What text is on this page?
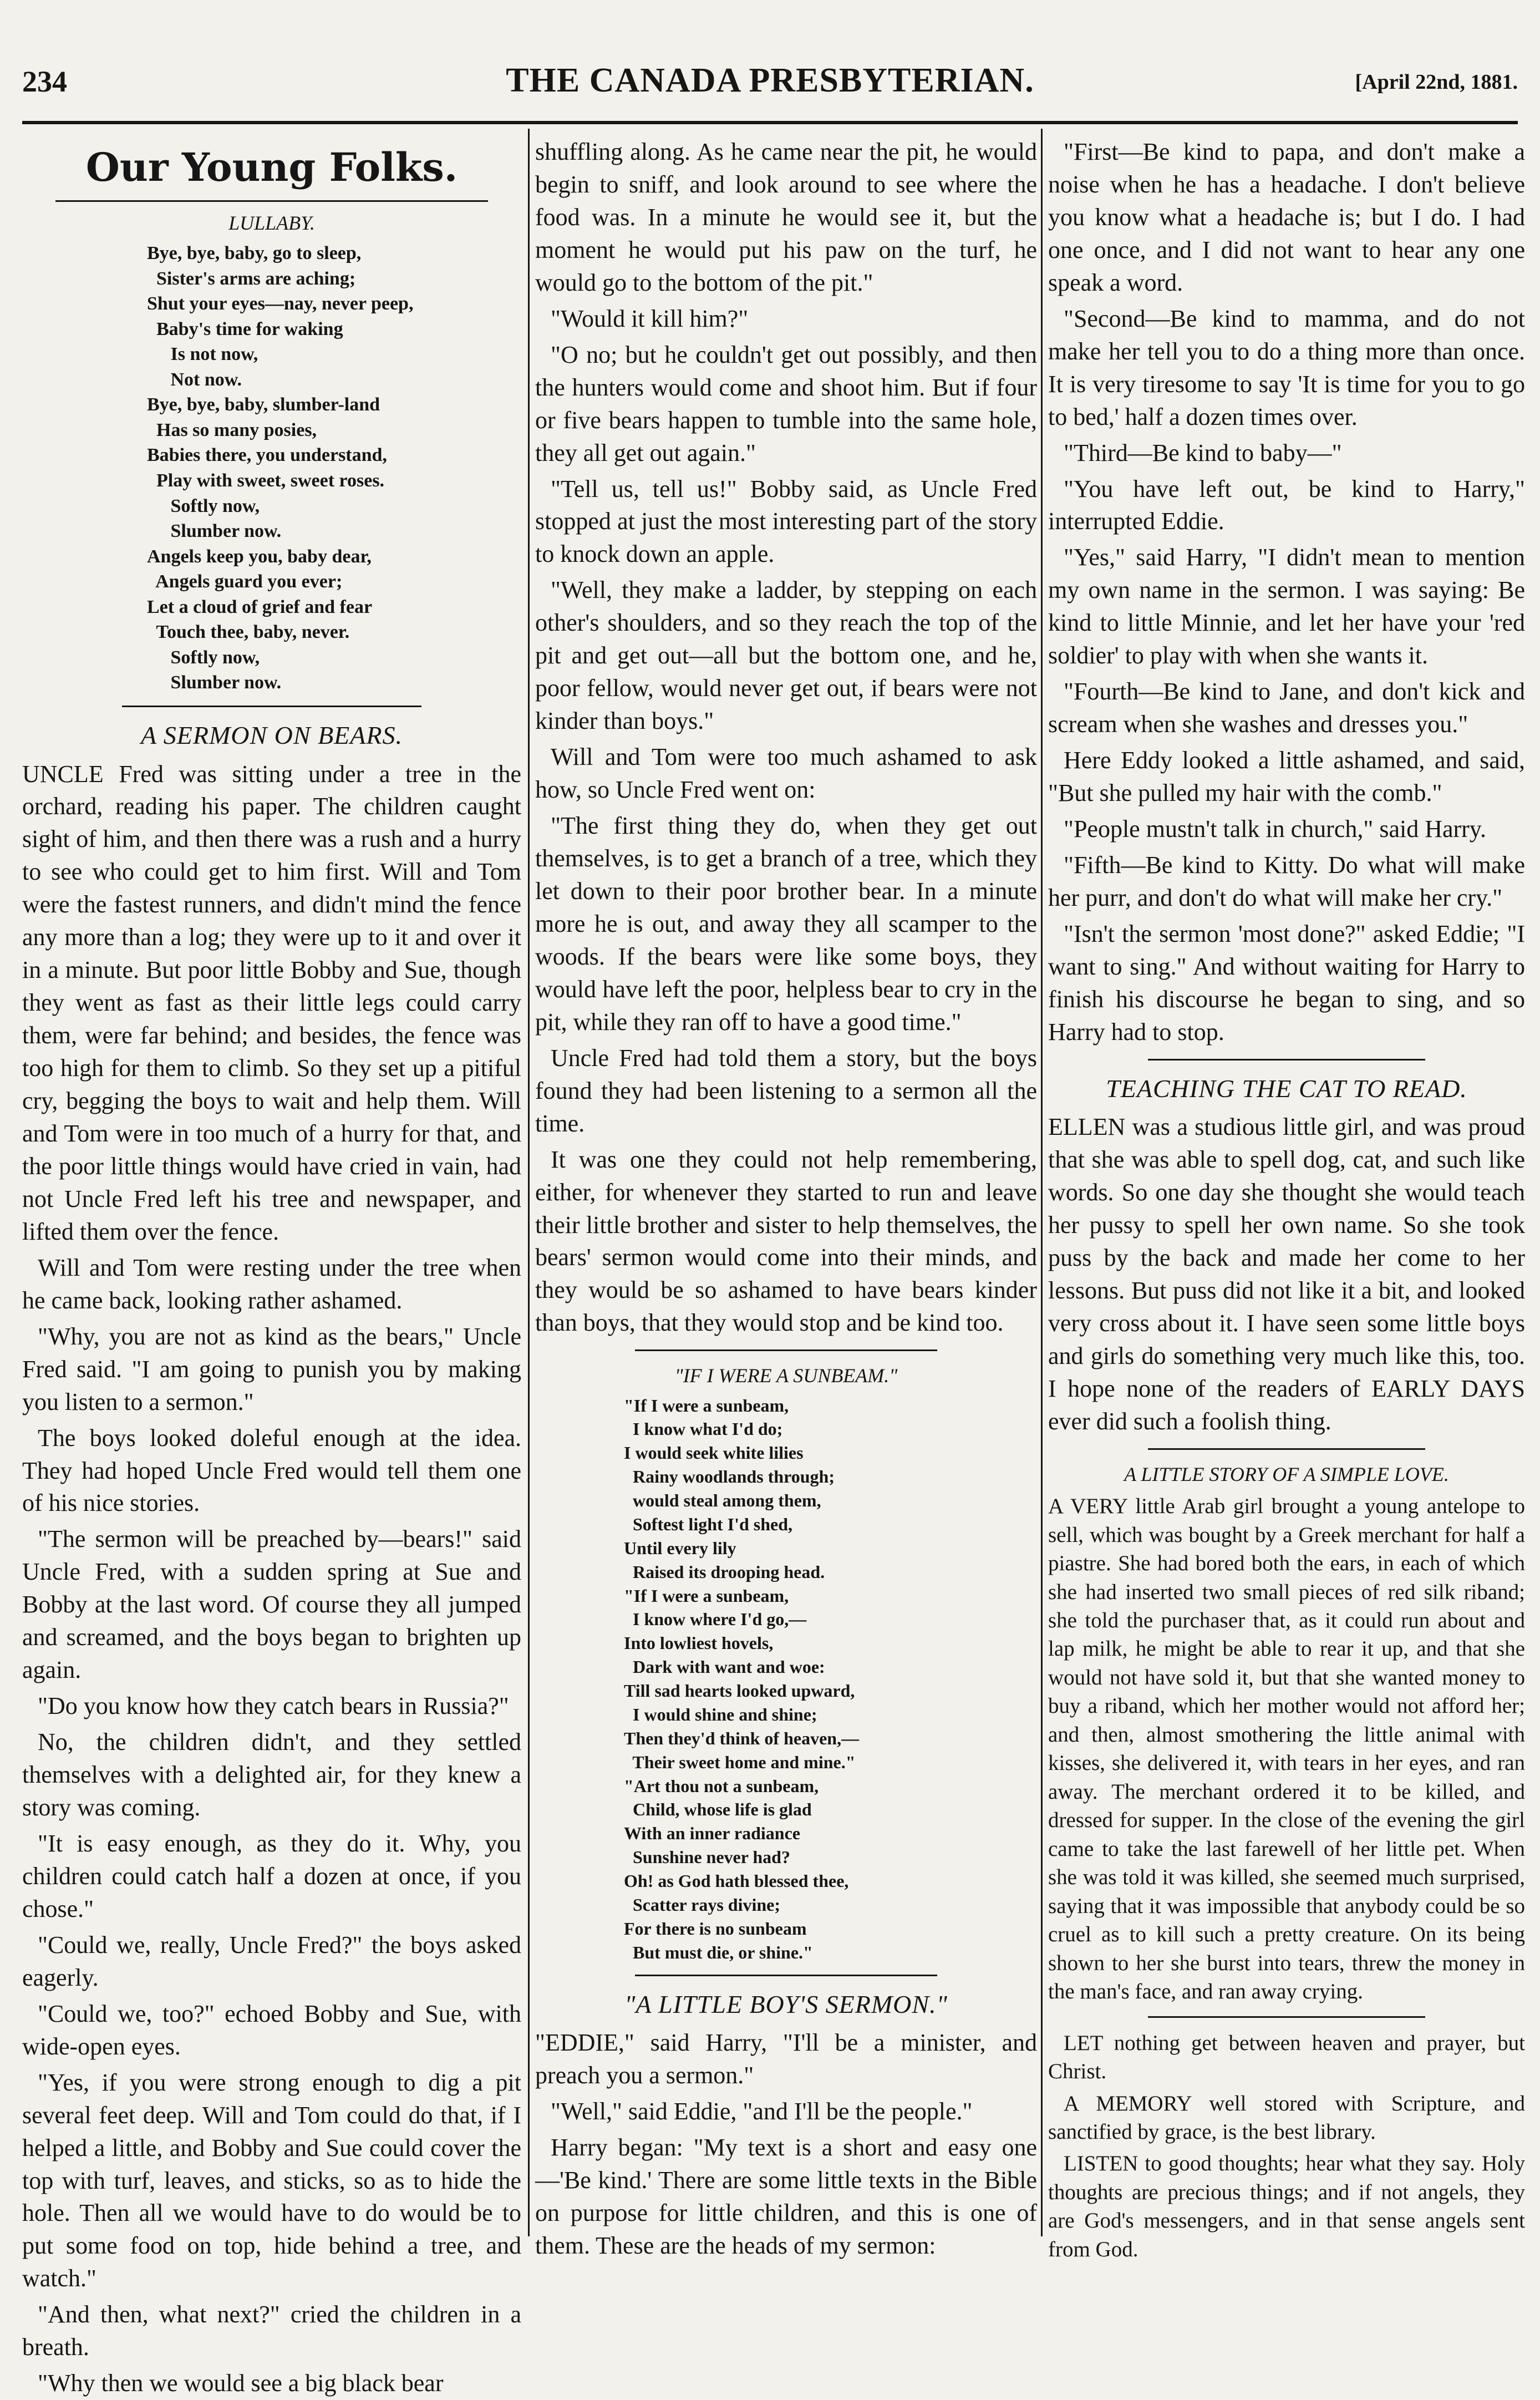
234	THE CANADA PRESBYTERIAN.	[April 22nd, 1881.
Our Young Folks.
LULLABY.
Bye, bye, baby, go to sleep,
Sister's arms are aching;
Shut your eyes—nay, never peep,
Baby's time for waking
Is not now,
Not now.
Bye, bye, baby, slumber-land
Has so many posies,
Babies there, you understand,
Play with sweet, sweet roses.
Softly now,
Slumber now.
Angels keep you, baby dear,
Angels guard you ever;
Let a cloud of grief and fear
Touch thee, baby, never.
Softly now,
Slumber now.
A SERMON ON BEARS.

UNCLE Fred was sitting under a tree in the orchard, reading his paper. The children caught sight of him, and then there was a rush and a hurry to see who could get to him first. Will and Tom were the fastest runners, and didn't mind the fence any more than a log; they were up to it and over it in a minute. But poor little Bobby and Sue, though they went as fast as their little legs could carry them, were far behind; and besides, the fence was too high for them to climb. So they set up a pitiful cry, begging the boys to wait and help them. Will and Tom were in too much of a hurry for that, and the poor little things would have cried in vain, had not Uncle Fred left his tree and newspaper, and lifted them over the fence.

Will and Tom were resting under the tree when he came back, looking rather ashamed.

"Why, you are not as kind as the bears," Uncle Fred said. "I am going to punish you by making you listen to a sermon."

The boys looked doleful enough at the idea. They had hoped Uncle Fred would tell them one of his nice stories.

"The sermon will be preached by—bears!" said Uncle Fred, with a sudden spring at Sue and Bobby at the last word. Of course they all jumped and screamed, and the boys began to brighten up again.

"Do you know how they catch bears in Russia?"

No, the children didn't, and they settled themselves with a delighted air, for they knew a story was coming.

"It is easy enough, as they do it. Why, you children could catch half a dozen at once, if you chose."

"Could we, really, Uncle Fred?" the boys asked eagerly.

"Could we, too?" echoed Bobby and Sue, with wide-open eyes.

"Yes, if you were strong enough to dig a pit several feet deep. Will and Tom could do that, if I helped a little, and Bobby and Sue could cover the top with turf, leaves, and sticks, so as to hide the hole. Then all we would have to do would be to put some food on top, hide behind a tree, and watch."

"And then, what next?" cried the children in a breath.

"Why then we would see a big black bear

shuffling along. As he came near the pit, he would begin to sniff, and look around to see where the food was. In a minute he would see it, but the moment he would put his paw on the turf, he would go to the bottom of the pit."

"Would it kill him?"

"O no; but he couldn't get out possibly, and then the hunters would come and shoot him. But if four or five bears happen to tumble into the same hole, they all get out again."

"Tell us, tell us!" Bobby said, as Uncle Fred stopped at just the most interesting part of the story to knock down an apple.

"Well, they make a ladder, by stepping on each other's shoulders, and so they reach the top of the pit and get out—all but the bottom one, and he, poor fellow, would never get out, if bears were not kinder than boys."

Will and Tom were too much ashamed to ask how, so Uncle Fred went on:

"The first thing they do, when they get out themselves, is to get a branch of a tree, which they let down to their poor brother bear. In a minute more he is out, and away they all scamper to the woods. If the bears were like some boys, they would have left the poor, helpless bear to cry in the pit, while they ran off to have a good time."

Uncle Fred had told them a story, but the boys found they had been listening to a sermon all the time.

It was one they could not help remembering, either, for whenever they started to run and leave their little brother and sister to help themselves, the bears' sermon would come into their minds, and they would be so ashamed to have bears kinder than boys, that they would stop and be kind too.

"IF I WERE A SUNBEAM."
"If I were a sunbeam,
I know what I'd do;
I would seek white lilies
Rainy woodlands through;
would steal among them,
Softest light I'd shed,
Until every lily
Raised its drooping head.
"If I were a sunbeam,
I know where I'd go,—
Into lowliest hovels,
Dark with want and woe:
Till sad hearts looked upward,
I would shine and shine;
Then they'd think of heaven,—
Their sweet home and mine."
"Art thou not a sunbeam,
Child, whose life is glad
With an inner radiance
Sunshine never had?
Oh! as God hath blessed thee,
Scatter rays divine;
For there is no sunbeam
But must die, or shine."
"A LITTLE BOY'S SERMON."

"EDDIE," said Harry, "I'll be a minister, and preach you a sermon."

"Well," said Eddie, "and I'll be the people."

Harry began: "My text is a short and easy one—'Be kind.' There are some little texts in the Bible on purpose for little children, and this is one of them. These are the heads of my sermon:

"First—Be kind to papa, and don't make a noise when he has a headache. I don't believe you know what a headache is; but I do. I had one once, and I did not want to hear any one speak a word.

"Second—Be kind to mamma, and do not make her tell you to do a thing more than once. It is very tiresome to say 'It is time for you to go to bed,' half a dozen times over.

"Third—Be kind to baby—"

"You have left out, be kind to Harry," interrupted Eddie.

"Yes," said Harry, "I didn't mean to mention my own name in the sermon. I was saying: Be kind to little Minnie, and let her have your 'red soldier' to play with when she wants it.

"Fourth—Be kind to Jane, and don't kick and scream when she washes and dresses you."

Here Eddy looked a little ashamed, and said, "But she pulled my hair with the comb."

"People mustn't talk in church," said Harry.

"Fifth—Be kind to Kitty. Do what will make her purr, and don't do what will make her cry."

"Isn't the sermon 'most done?" asked Eddie; "I want to sing." And without waiting for Harry to finish his discourse he began to sing, and so Harry had to stop.

TEACHING THE CAT TO READ.

ELLEN was a studious little girl, and was proud that she was able to spell dog, cat, and such like words. So one day she thought she would teach her pussy to spell her own name. So she took puss by the back and made her come to her lessons. But puss did not like it a bit, and looked very cross about it. I have seen some little boys and girls do something very much like this, too. I hope none of the readers of EARLY DAYS ever did such a foolish thing.

A LITTLE STORY OF A SIMPLE LOVE.

A VERY little Arab girl brought a young antelope to sell, which was bought by a Greek merchant for half a piastre. She had bored both the ears, in each of which she had inserted two small pieces of red silk riband; she told the purchaser that, as it could run about and lap milk, he might be able to rear it up, and that she would not have sold it, but that she wanted money to buy a riband, which her mother would not afford her; and then, almost smothering the little animal with kisses, she delivered it, with tears in her eyes, and ran away. The merchant ordered it to be killed, and dressed for supper. In the close of the evening the girl came to take the last farewell of her little pet. When she was told it was killed, she seemed much surprised, saying that it was impossible that anybody could be so cruel as to kill such a pretty creature. On its being shown to her she burst into tears, threw the money in the man's face, and ran away crying.

LET nothing get between heaven and prayer, but Christ.

A MEMORY well stored with Scripture, and sanctified by grace, is the best library.

LISTEN to good thoughts; hear what they say. Holy thoughts are precious things; and if not angels, they are God's messengers, and in that sense angels sent from God.
